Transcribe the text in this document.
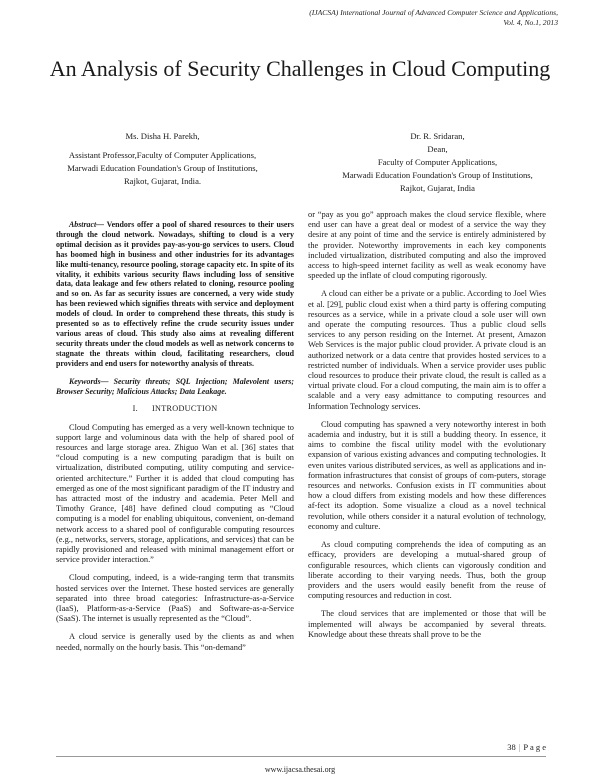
(IJACSA) International Journal of Advanced Computer Science and Applications,
Vol. 4, No.1, 2013
An Analysis of Security Challenges in Cloud Computing
Ms. Disha H. Parekh,
Assistant Professor,Faculty of Computer Applications,
Marwadi Education Foundation's Group of Institutions,
Rajkot, Gujarat, India.
Dr. R. Sridaran,
Dean,
Faculty of Computer Applications,
Marwadi Education Foundation's Group of Institutions,
Rajkot, Gujarat, India

Abstract— Vendors offer a pool of shared resources to their users through the cloud network. Nowadays, shifting to cloud is a very optimal decision as it provides pay-as-you-go services to users. Cloud has boomed high in business and other industries for its advantages like multi-tenancy, resource pooling, storage capacity etc. In spite of its vitality, it exhibits various security flaws including loss of sensitive data, data leakage and few others related to cloning, resource pooling and so on. As far as security issues are concerned, a very wide study has been reviewed which signifies threats with service and deployment models of cloud. In order to comprehend these threats, this study is presented so as to effectively refine the crude security issues under various areas of cloud. This study also aims at revealing different security threats under the cloud models as well as network concerns to stagnate the threats within cloud, facilitating researchers, cloud providers and end users for noteworthy analysis of threats.

Keywords— Security threats; SQL Injection; Malevolent users; Browser Security; Malicious Attacks; Data Leakage.

I. INTRODUCTION

Cloud Computing has emerged as a very well-known technique to support large and voluminous data with the help of shared pool of resources and large storage area. Zhiguo Wan et al. [36] states that “cloud computing is a new computing paradigm that is built on virtualization, distributed computing, utility computing and service-oriented architecture.” Further it is added that cloud computing has emerged as one of the most significant paradigm of the IT industry and has attracted most of the industry and academia. Peter Mell and Timothy Grance, [48] have defined cloud computing as “Cloud computing is a model for enabling ubiquitous, convenient, on-demand network access to a shared pool of configurable computing resources (e.g., networks, servers, storage, applications, and services) that can be rapidly provisioned and released with minimal management effort or service provider interaction.”

Cloud computing, indeed, is a wide-ranging term that transmits hosted services over the Internet. These hosted services are generally separated into three broad categories: Infrastructure-as-a-Service (IaaS), Platform-as-a-Service (PaaS) and Software-as-a-Service (SaaS). The internet is usually represented as the “Cloud”.

A cloud service is generally used by the clients as and when needed, normally on the hourly basis. This “on-demand”

or “pay as you go” approach makes the cloud service flexible, where end user can have a great deal or modest of a service the way they desire at any point of time and the service is entirely administered by the provider. Noteworthy improvements in each key components included virtualization, distributed computing and also the improved access to high-speed internet facility as well as weak economy have speeded up the inflate of cloud computing rigorously.

A cloud can either be a private or a public. According to Joel Wies et al. [29], public cloud exist when a third party is offering computing resources as a service, while in a private cloud a sole user will own and operate the computing resources. Thus a public cloud sells services to any person residing on the Internet. At present, Amazon Web Services is the major public cloud provider. A private cloud is an authorized network or a data centre that provides hosted services to a restricted number of individuals. When a service provider uses public cloud resources to produce their private cloud, the result is called as a virtual private cloud. For a cloud computing, the main aim is to offer a scalable and a very easy admittance to computing resources and Information Technology services.

Cloud computing has spawned a very noteworthy interest in both academia and industry, but it is still a budding theory. In essence, it aims to combine the fiscal utility model with the evolutionary expansion of various existing advances and computing technologies. It even unites various distributed services, as well as applications and in-formation infrastructures that consist of groups of com-puters, storage resources and networks. Confusion exists in IT communities about how a cloud differs from existing models and how these differences af-fect its adoption. Some visualize a cloud as a novel technical revolution, while others consider it a natural evolution of technology, economy and culture.

As cloud computing comprehends the idea of computing as an efficacy, providers are developing a mutual-shared group of configurable resources, which clients can vigorously condition and liberate according to their varying needs. Thus, both the group providers and the users would easily benefit from the reuse of computing resources and reduction in cost.

The cloud services that are implemented or those that will be implemented will always be accompanied by several threats. Knowledge about these threats shall prove to be the

38 | P a g e
www.ijacsa.thesai.org
